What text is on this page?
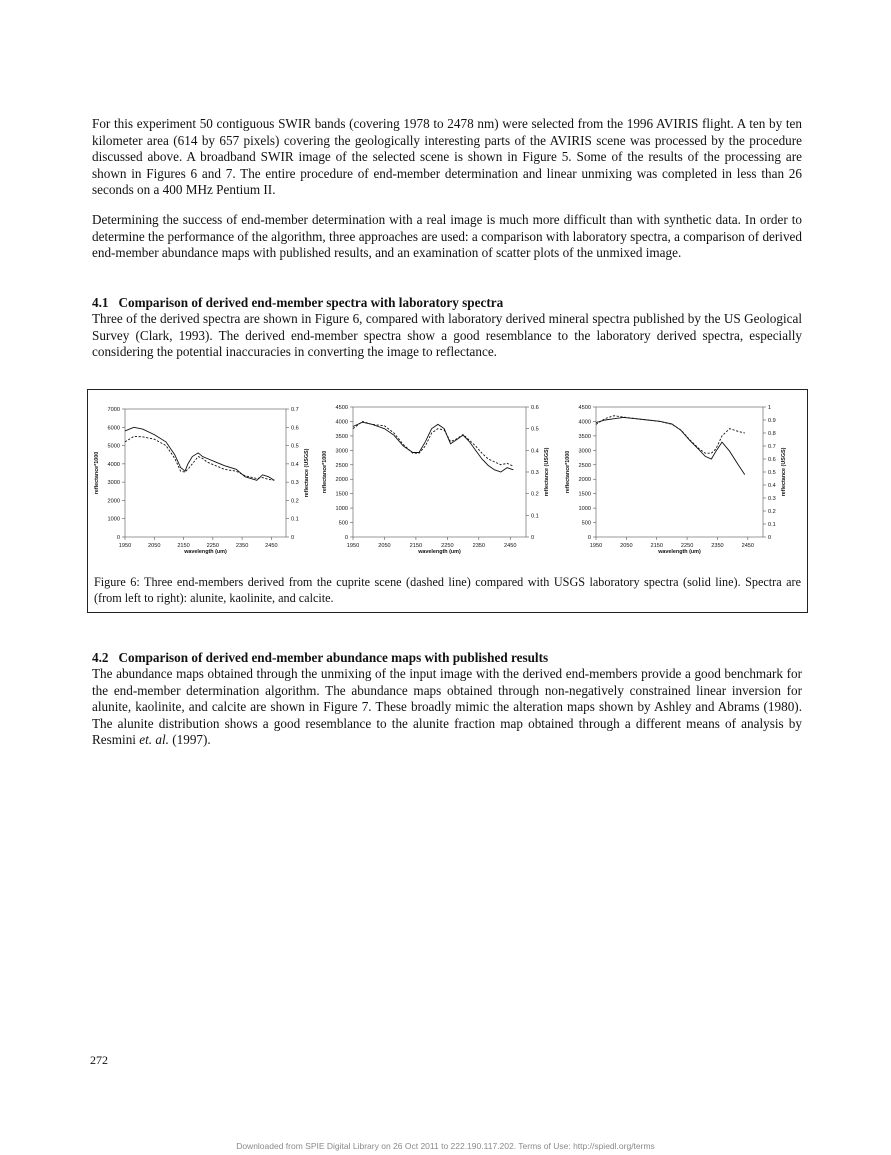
For this experiment 50 contiguous SWIR bands (covering 1978 to 2478 nm) were selected from the 1996 AVIRIS flight. A ten by ten kilometer area (614 by 657 pixels) covering the geologically interesting parts of the AVIRIS scene was processed by the procedure discussed above. A broadband SWIR image of the selected scene is shown in Figure 5. Some of the results of the processing are shown in Figures 6 and 7. The entire procedure of end-member determination and linear unmixing was completed in less than 26 seconds on a 400 MHz Pentium II.

Determining the success of end-member determination with a real image is much more difficult than with synthetic data. In order to determine the performance of the algorithm, three approaches are used: a comparison with laboratory spectra, a comparison of derived end-member abundance maps with published results, and an examination of scatter plots of the unmixed image.

4.1 Comparison of derived end-member spectra with laboratory spectra

Three of the derived spectra are shown in Figure 6, compared with laboratory derived mineral spectra published by the US Geological Survey (Clark, 1993). The derived end-member spectra show a good resemblance to the laboratory derived spectra, especially considering the potential inaccuracies in converting the image to reflectance.

0
1000
2000
3000
4000
5000
6000
7000
0
0.1
0.2
0.3
0.4
0.5
0.6
0.7
1950	2050	2150	2250	2350	2450
wavelength (um)
reflectance*1000	reflectance (USGS)
0
500
1000
1500
2000
2500
3000
3500
4000
4500
0
0.1
0.2
0.3
0.4
0.5
0.6
1950	2050	2150	2250	2350	2450
wavelength (um)
reflectance*1000	reflectance (USGS)
0
500
1000
1500
2000
2500
3000
3500
4000
4500
0
0.1
0.2
0.3
0.4
0.5
0.6
0.7
0.8
0.9
1
1950	2050	2150	2250	2350	2450
wavelength (um)
reflectance*1000	reflectance (USGS)

Figure 6: Three end-members derived from the cuprite scene (dashed line) compared with USGS laboratory spectra (solid line). Spectra are (from left to right): alunite, kaolinite, and calcite.

4.2 Comparison of derived end-member abundance maps with published results

The abundance maps obtained through the unmixing of the input image with the derived end-members provide a good benchmark for the end-member determination algorithm. The abundance maps obtained through non-negatively constrained linear inversion for alunite, kaolinite, and calcite are shown in Figure 7. These broadly mimic the alteration maps shown by Ashley and Abrams (1980). The alunite distribution shows a good resemblance to the alunite fraction map obtained through a different means of analysis by Resmini et. al. (1997).

272
Downloaded from SPIE Digital Library on 26 Oct 2011 to 222.190.117.202. Terms of Use: http://spiedl.org/terms
